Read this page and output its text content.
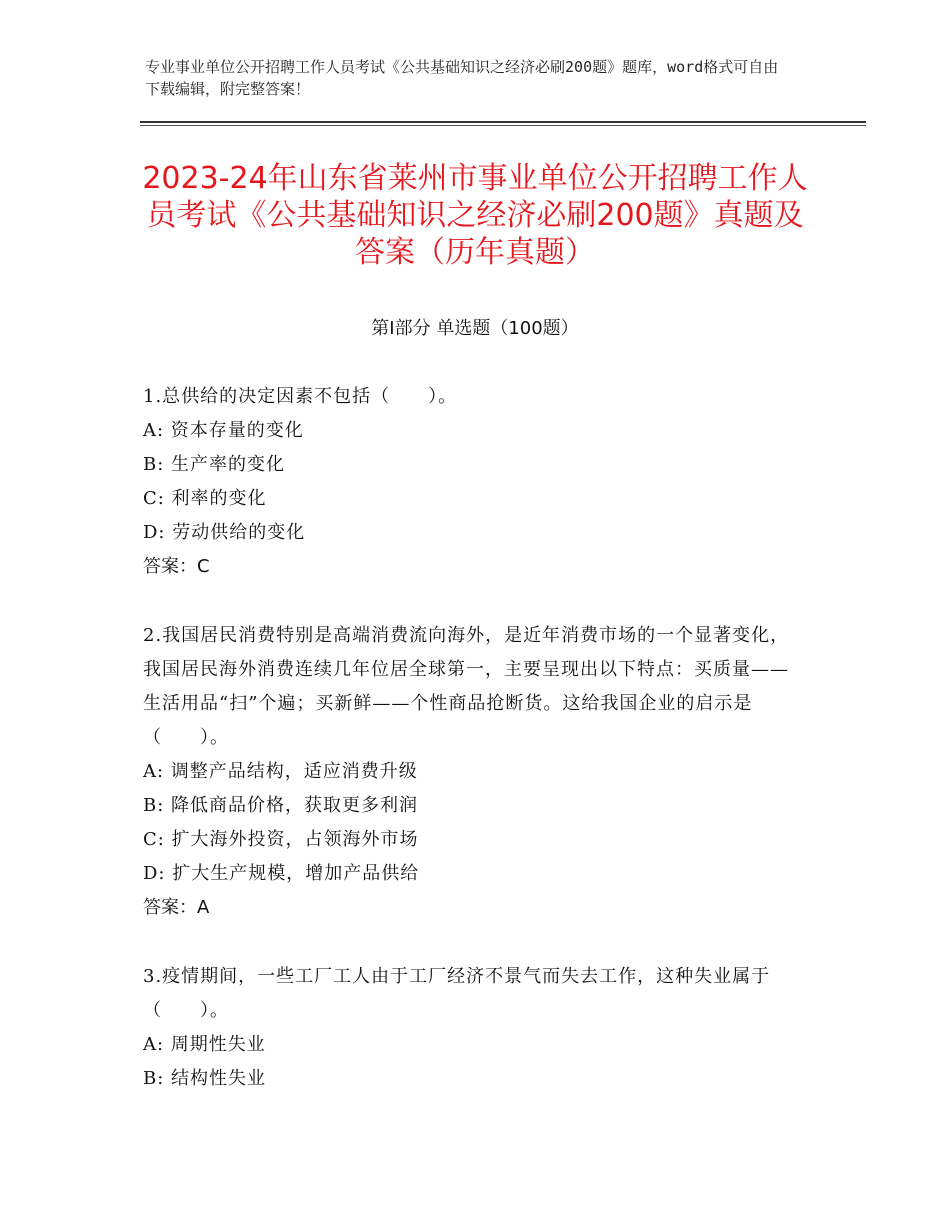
专业事业单位公开招聘工作人员考试《公共基础知识之经济必刷200题》题库，word格式可自由下载编辑，附完整答案！
2023-24年山东省莱州市事业单位公开招聘工作人员考试《公共基础知识之经济必刷200题》真题及答案（历年真题）
第Ⅰ部分 单选题（100题）
1.总供给的决定因素不包括（　　）。
A: 资本存量的变化
B: 生产率的变化
C: 利率的变化
D: 劳动供给的变化
答案：C
2.我国居民消费特别是高端消费流向海外，是近年消费市场的一个显著变化，我国居民海外消费连续几年位居全球第一，主要呈现出以下特点：买质量——生活用品“扫”个遍；买新鲜——个性商品抢断货。这给我国企业的启示是（　　）。
A: 调整产品结构，适应消费升级
B: 降低商品价格，获取更多利润
C: 扩大海外投资，占领海外市场
D: 扩大生产规模，增加产品供给
答案：A
3.疫情期间，一些工厂工人由于工厂经济不景气而失去工作，这种失业属于（　　）。
A: 周期性失业
B: 结构性失业
